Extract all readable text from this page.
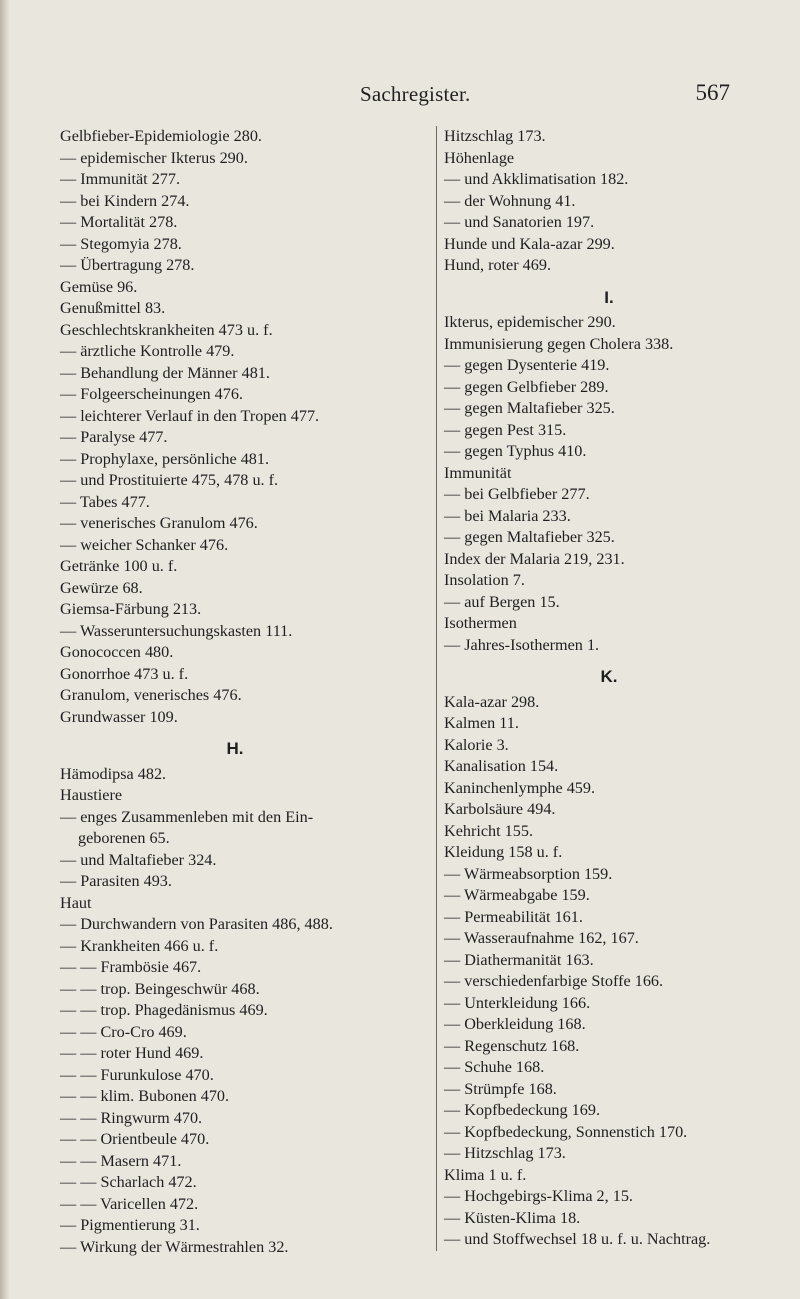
Sachregister.	567
Gelbfieber-Epidemiologie 280.
— epidemischer Ikterus 290.
— Immunität 277.
— bei Kindern 274.
— Mortalität 278.
— Stegomyia 278.
— Übertragung 278.
Gemüse 96.
Genußmittel 83.
Geschlechtskrankheiten 473 u. f.
— ärztliche Kontrolle 479.
— Behandlung der Männer 481.
— Folgeerscheinungen 476.
— leichterer Verlauf in den Tropen 477.
— Paralyse 477.
— Prophylaxe, persönliche 481.
— und Prostituierte 475, 478 u. f.
— Tabes 477.
— venerisches Granulom 476.
— weicher Schanker 476.
Getränke 100 u. f.
Gewürze 68.
Giemsa-Färbung 213.
— Wasseruntersuchungskasten 111.
Gonococcen 480.
Gonorrhoe 473 u. f.
Granulom, venerisches 476.
Grundwasser 109.
H.
Hämodipsa 482.
Haustiere
— enges Zusammenleben mit den Ein-
geborenen 65.
— und Maltafieber 324.
— Parasiten 493.
Haut
— Durchwandern von Parasiten 486, 488.
— Krankheiten 466 u. f.
— — Frambösie 467.
— — trop. Beingeschwür 468.
— — trop. Phagedänismus 469.
— — Cro-Cro 469.
— — roter Hund 469.
— — Furunkulose 470.
— — klim. Bubonen 470.
— — Ringwurm 470.
— — Orientbeule 470.
— — Masern 471.
— — Scharlach 472.
— — Varicellen 472.
— Pigmentierung 31.
— Wirkung der Wärmestrahlen 32.
Hitzschlag 173.
Höhenlage
— und Akklimatisation 182.
— der Wohnung 41.
— und Sanatorien 197.
Hunde und Kala-azar 299.
Hund, roter 469.
I.
Ikterus, epidemischer 290.
Immunisierung gegen Cholera 338.
— gegen Dysenterie 419.
— gegen Gelbfieber 289.
— gegen Maltafieber 325.
— gegen Pest 315.
— gegen Typhus 410.
Immunität
— bei Gelbfieber 277.
— bei Malaria 233.
— gegen Maltafieber 325.
Index der Malaria 219, 231.
Insolation 7.
— auf Bergen 15.
Isothermen
— Jahres-Isothermen 1.
K.
Kala-azar 298.
Kalmen 11.
Kalorie 3.
Kanalisation 154.
Kaninchenlymphe 459.
Karbolsäure 494.
Kehricht 155.
Kleidung 158 u. f.
— Wärmeabsorption 159.
— Wärmeabgabe 159.
— Permeabilität 161.
— Wasseraufnahme 162, 167.
— Diathermanität 163.
— verschiedenfarbige Stoffe 166.
— Unterkleidung 166.
— Oberkleidung 168.
— Regenschutz 168.
— Schuhe 168.
— Strümpfe 168.
— Kopfbedeckung 169.
— Kopfbedeckung, Sonnenstich 170.
— Hitzschlag 173.
Klima 1 u. f.
— Hochgebirgs-Klima 2, 15.
— Küsten-Klima 18.
— und Stoffwechsel 18 u. f. u. Nachtrag.
